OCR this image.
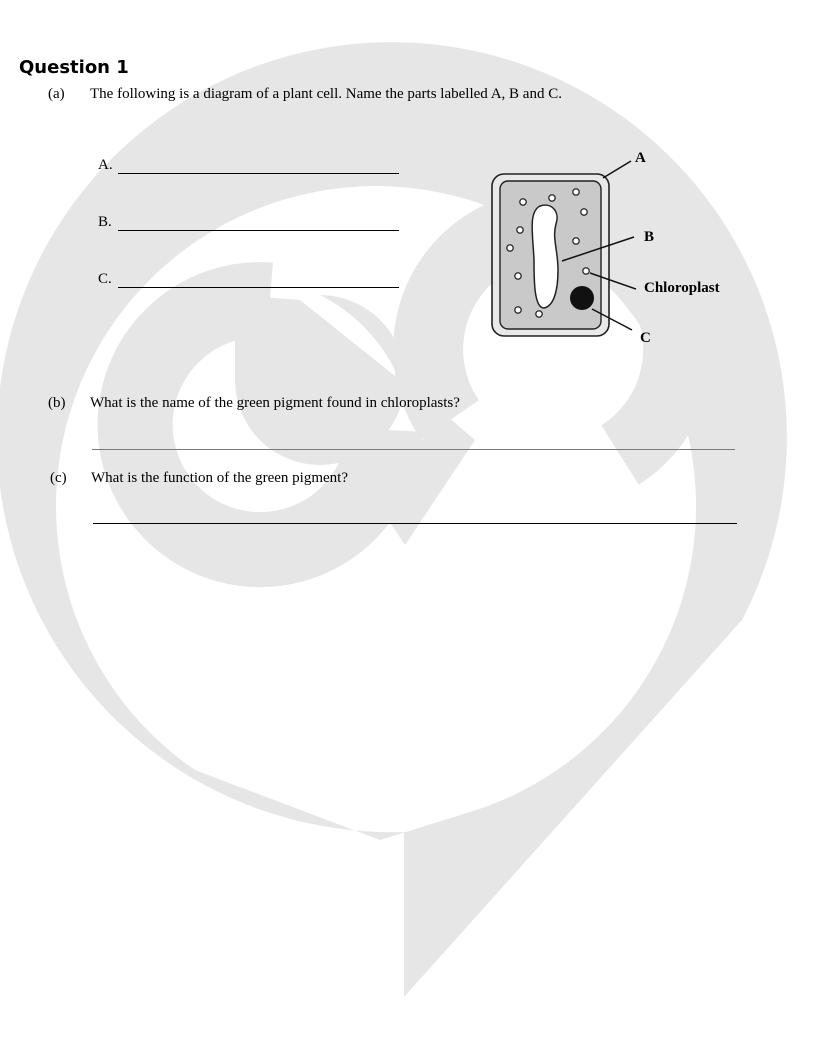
Question 1
(a) The following is a diagram of a plant cell. Name the parts labelled A, B and C.
A.
B.
C.
(b) What is the name of the green pigment found in chloroplasts?
(c) What is the function of the green pigment?
A
B
Chloroplast
C
